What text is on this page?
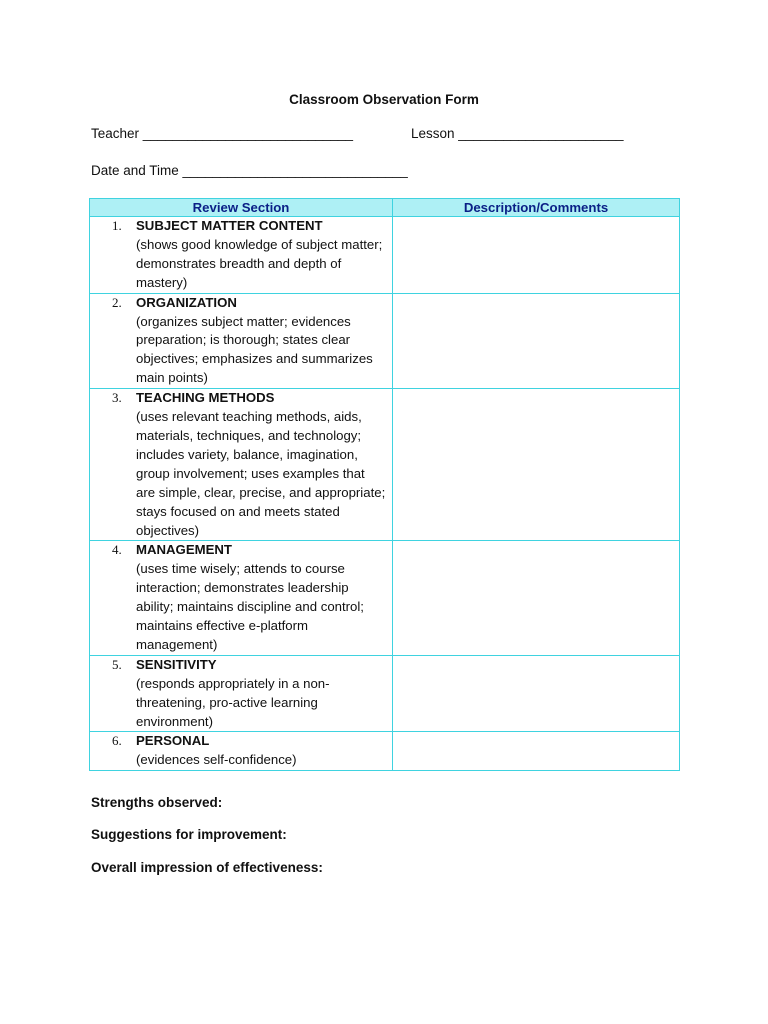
Classroom Observation Form
Teacher ____________________________	Lesson ______________________
Date and Time ______________________________
Review Section	Description/Comments

1. SUBJECT MATTER CONTENT
(shows good knowledge of subject matter; demonstrates breadth and depth of mastery)	

2. ORGANIZATION
(organizes subject matter; evidences preparation; is thorough; states clear objectives; emphasizes and summarizes main points)	

3. TEACHING METHODS
(uses relevant teaching methods, aids, materials, techniques, and technology; includes variety, balance, imagination, group involvement; uses examples that are simple, clear, precise, and appropriate; stays focused on and meets stated objectives)	

4. MANAGEMENT
(uses time wisely; attends to course interaction; demonstrates leadership ability; maintains discipline and control; maintains effective e-platform management)	

5. SENSITIVITY
(responds appropriately in a non-threatening, pro-active learning environment)	

6. PERSONAL
(evidences self-confidence)	

Strengths observed:
Suggestions for improvement:
Overall impression of effectiveness:
